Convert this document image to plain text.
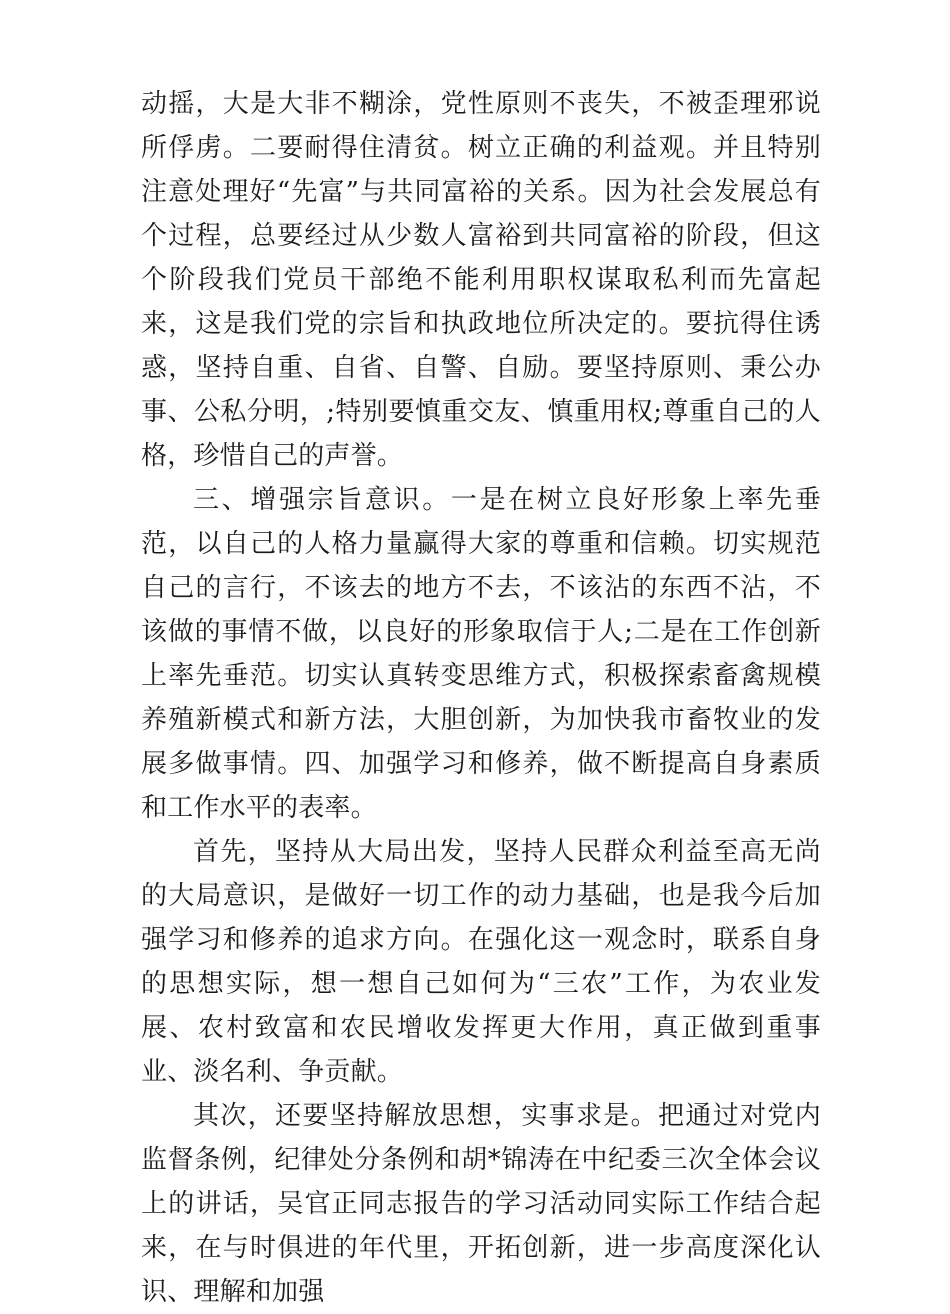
动摇，大是大非不糊涂，党性原则不丧失，不被歪理邪说所俘虏。二要耐得住清贫。树立正确的利益观。并且特别注意处理好“先富”与共同富裕的关系。因为社会发展总有个过程，总要经过从少数人富裕到共同富裕的阶段，但这个阶段我们党员干部绝不能利用职权谋取私利而先富起来，这是我们党的宗旨和执政地位所决定的。要抗得住诱惑，坚持自重、自省、自警、自励。要坚持原则、秉公办事、公私分明，;特别要慎重交友、慎重用权;尊重自己的人格，珍惜自己的声誉。

三、增强宗旨意识。一是在树立良好形象上率先垂范，以自己的人格力量赢得大家的尊重和信赖。切实规范自己的言行，不该去的地方不去，不该沾的东西不沾，不该做的事情不做，以良好的形象取信于人;二是在工作创新上率先垂范。切实认真转变思维方式，积极探索畜禽规模养殖新模式和新方法，大胆创新，为加快我市畜牧业的发展多做事情。四、加强学习和修养，做不断提高自身素质和工作水平的表率。

首先，坚持从大局出发，坚持人民群众利益至高无尚的大局意识，是做好一切工作的动力基础，也是我今后加强学习和修养的追求方向。在强化这一观念时，联系自身的思想实际，想一想自己如何为“三农”工作，为农业发展、农村致富和农民增收发挥更大作用，真正做到重事业、淡名利、争贡献。

其次，还要坚持解放思想，实事求是。把通过对党内监督条例，纪律处分条例和胡*锦涛在中纪委三次全体会议上的讲话，吴官正同志报告的学习活动同实际工作结合起来，在与时俱进的年代里，开拓创新，进一步高度深化认识、理解和加强
